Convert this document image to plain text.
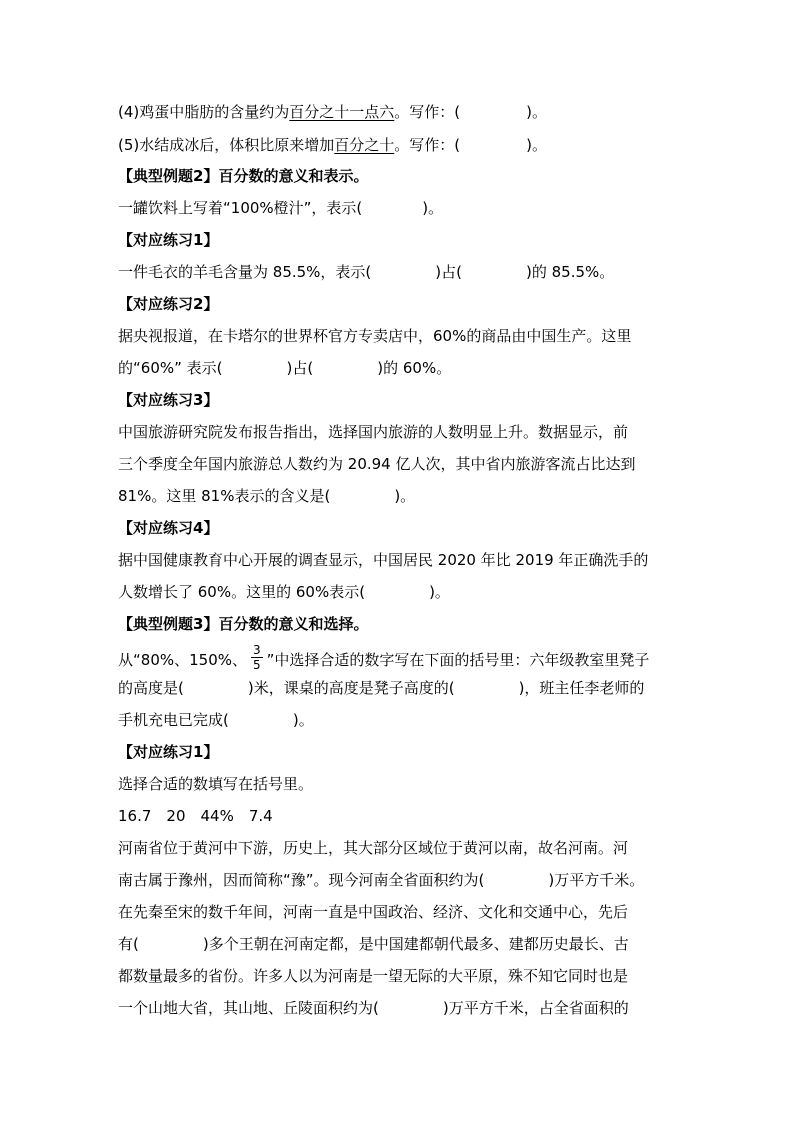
(4)鸡蛋中脂肪的含量约为百分之十一点六。写作：(	)。
(5)水结成冰后，体积比原来增加百分之十。写作：(	)。
【典型例题2】百分数的意义和表示。
一罐饮料上写着“100%橙汁”，表示(	)。
【对应练习1】
一件毛衣的羊毛含量为 85.5%，表示(	)占(	)的 85.5%。
【对应练习2】
据央视报道，在卡塔尔的世界杯官方专卖店中，60%的商品由中国生产。这里
的“60%” 表示(	)占(	)的 60%。
【对应练习3】
中国旅游研究院发布报告指出，选择国内旅游的人数明显上升。数据显示，前
三个季度全年国内旅游总人数约为 20.94 亿人次，其中省内旅游客流占比达到
81%。这里 81%表示的含义是(	)。
【对应练习4】
据中国健康教育中心开展的调查显示，中国居民 2020 年比 2019 年正确洗手的
人数增长了 60%。这里的 60%表示(	)。
【典型例题3】百分数的意义和选择。
从“80%、150%、 $\frac{3}{5}$ ”中选择合适的数字写在下面的括号里：六年级教室里凳子
的高度是(	)米，课桌的高度是凳子高度的(	)，班主任李老师的
手机充电已完成(	)。
【对应练习1】
选择合适的数填写在括号里。
16.7　20　44%　7.4
河南省位于黄河中下游，历史上，其大部分区域位于黄河以南，故名河南。河
南古属于豫州，因而简称“豫”。现今河南全省面积约为(	)万平方千米。
在先秦至宋的数千年间，河南一直是中国政治、经济、文化和交通中心，先后
有(	)多个王朝在河南定都，是中国建都朝代最多、建都历史最长、古
都数量最多的省份。许多人以为河南是一望无际的大平原，殊不知它同时也是
一个山地大省，其山地、丘陵面积约为(	)万平方千米，占全省面积的
